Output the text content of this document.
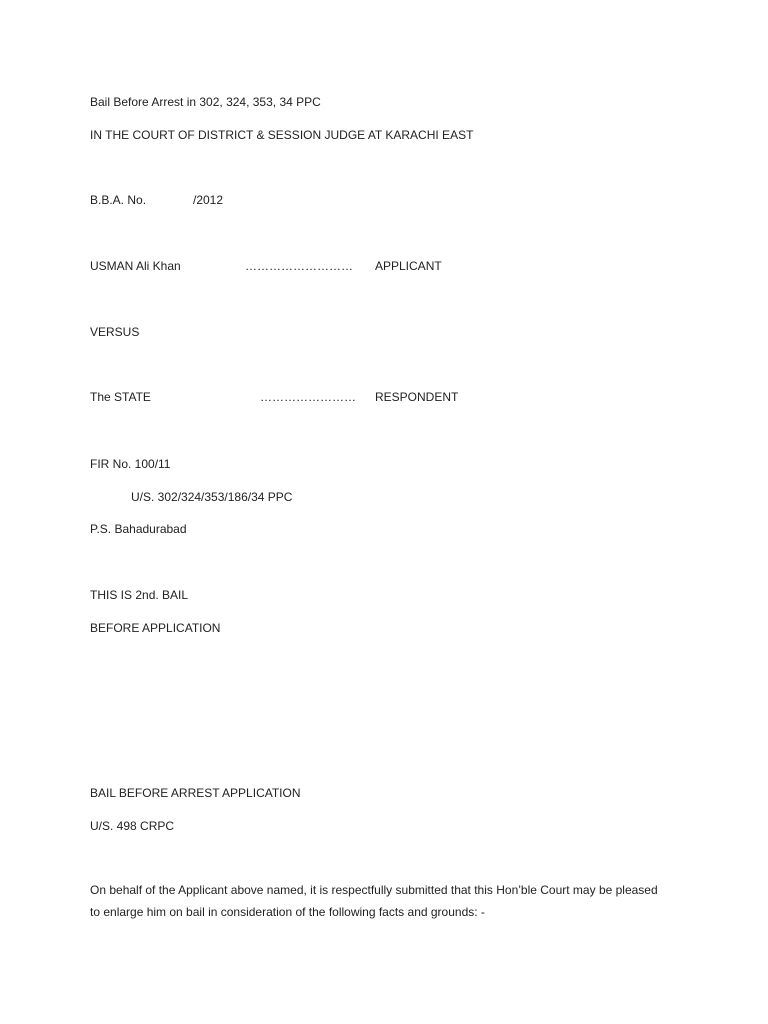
Bail Before Arrest in 302, 324, 353, 34 PPC
IN THE COURT OF DISTRICT & SESSION JUDGE AT KARACHI EAST
B.B.A. No.	/2012
USMAN Ali Khan	……………………… APPLICANT
VERSUS
The STATE	…………………… RESPONDENT
FIR No. 100/11
U/S. 302/324/353/186/34 PPC
P.S. Bahadurabad
THIS IS 2nd. BAIL
BEFORE APPLICATION
BAIL BEFORE ARREST APPLICATION
U/S. 498 CRPC
On behalf of the Applicant above named, it is respectfully submitted that this Hon’ble Court may be pleased to enlarge him on bail in consideration of the following facts and grounds: -
